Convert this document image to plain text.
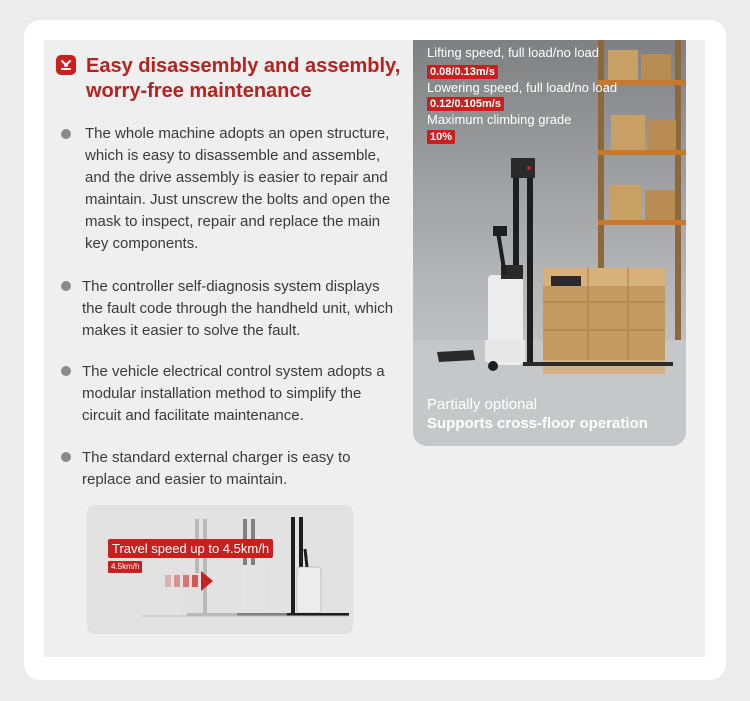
Easy disassembly and assembly, worry-free maintenance
The whole machine adopts an open structure, which is easy to disassemble and assemble, and the drive assembly is easier to repair and maintain. Just unscrew the bolts and open the mask to inspect, repair and replace the main key components.
The controller self-diagnosis system displays the fault code through the handheld unit, which makes it easier to solve the fault.
The vehicle electrical control system adopts a modular installation method to simplify the circuit and facilitate maintenance.
The standard external charger is easy to replace and easier to maintain.
Lifting speed, full load/no load
0.08/0.13m/s
Lowering speed, full load/no load
0.12/0.105m/s
Maximum climbing grade
10%
Partially optional
Supports cross-floor operation
Travel speed up to 4.5km/h
4.5km/h
